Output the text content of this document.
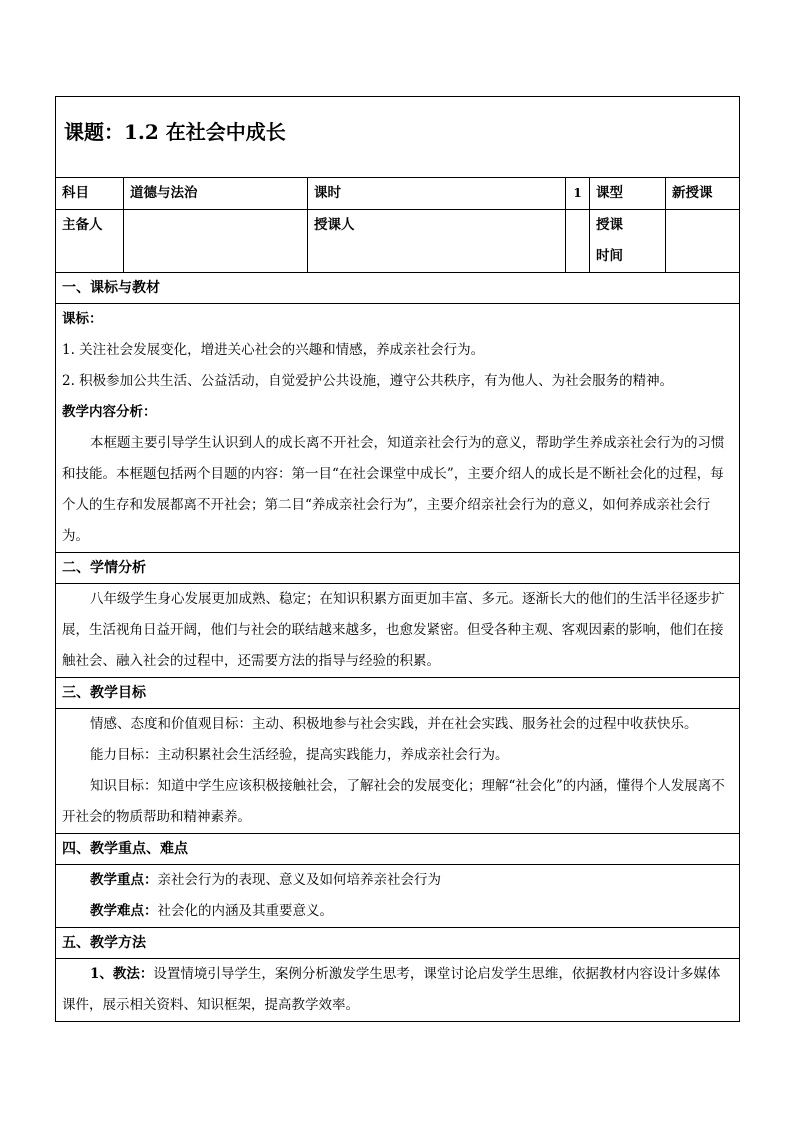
课题：1.2 在社会中成长					
科目	道德与法治	课时	1	课型	新授课
主备人		授课人		授课
时间	

一、课标与教材					

课标：

1. 关注社会发展变化，增进关心社会的兴趣和情感，养成亲社会行为。

2. 积极参加公共生活、公益活动，自觉爱护公共设施，遵守公共秩序，有为他人、为社会服务的精神。

教学内容分析：

本框题主要引导学生认识到人的成长离不开社会，知道亲社会行为的意义，帮助学生养成亲社会行为的习惯和技能。本框题包括两个目题的内容：第一目“在社会课堂中成长”，主要介绍人的成长是不断社会化的过程，每个人的生存和发展都离不开社会；第二目“养成亲社会行为”，主要介绍亲社会行为的意义，如何养成亲社会行为。					

二、学情分析					

八年级学生身心发展更加成熟、稳定；在知识积累方面更加丰富、多元。逐渐长大的他们的生活半径逐步扩展，生活视角日益开阔，他们与社会的联结越来越多，也愈发紧密。但受各种主观、客观因素的影响，他们在接触社会、融入社会的过程中，还需要方法的指导与经验的积累。					

三、教学目标					

情感、态度和价值观目标：主动、积极地参与社会实践，并在社会实践、服务社会的过程中收获快乐。

能力目标：主动积累社会生活经验，提高实践能力，养成亲社会行为。

知识目标：知道中学生应该积极接触社会，了解社会的发展变化；理解“社会化”的内涵，懂得个人发展离不开社会的物质帮助和精神素养。					

四、教学重点、难点					

教学重点：亲社会行为的表现、意义及如何培养亲社会行为

教学难点：社会化的内涵及其重要意义。					

五、教学方法					

1、教法：设置情境引导学生，案例分析激发学生思考，课堂讨论启发学生思维，依据教材内容设计多媒体课件，展示相关资料、知识框架，提高教学效率。					
